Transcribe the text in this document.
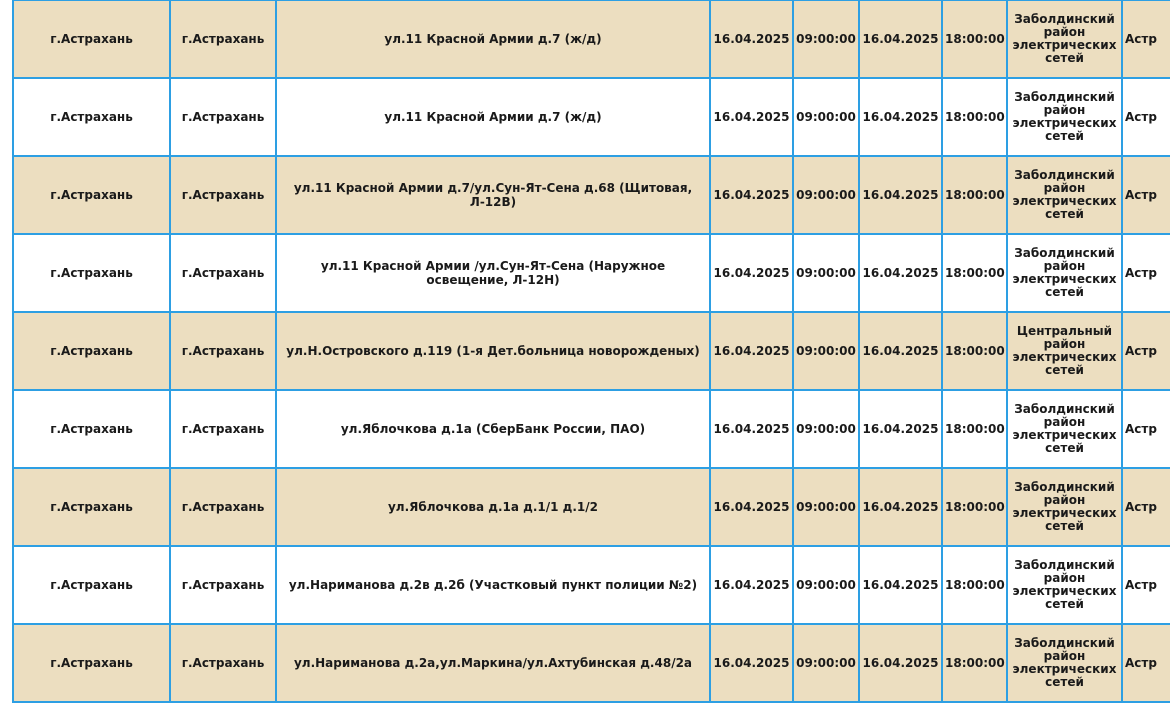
г.Астрахань	г.Астрахань	ул.11 Красной Армии д.7 (ж/д)	16.04.2025	09:00:00	16.04.2025	18:00:00	Заболдинский район электрических сетей	Астр
г.Астрахань	г.Астрахань	ул.11 Красной Армии д.7 (ж/д)	16.04.2025	09:00:00	16.04.2025	18:00:00	Заболдинский район электрических сетей	Астр
г.Астрахань	г.Астрахань	ул.11 Красной Армии д.7/ул.Сун-Ят-Сена д.68 (Щитовая, Л-12В)	16.04.2025	09:00:00	16.04.2025	18:00:00	Заболдинский район электрических сетей	Астр
г.Астрахань	г.Астрахань	ул.11 Красной Армии /ул.Сун-Ят-Сена (Наружное освещение, Л-12Н)	16.04.2025	09:00:00	16.04.2025	18:00:00	Заболдинский район электрических сетей	Астр
г.Астрахань	г.Астрахань	ул.Н.Островского д.119 (1-я Дет.больница новорожденых)	16.04.2025	09:00:00	16.04.2025	18:00:00	Центральный район электрических сетей	Астр
г.Астрахань	г.Астрахань	ул.Яблочкова д.1а (СберБанк России, ПАО)	16.04.2025	09:00:00	16.04.2025	18:00:00	Заболдинский район электрических сетей	Астр
г.Астрахань	г.Астрахань	ул.Яблочкова д.1а д.1/1 д.1/2	16.04.2025	09:00:00	16.04.2025	18:00:00	Заболдинский район электрических сетей	Астр
г.Астрахань	г.Астрахань	ул.Нариманова д.2в д.2б (Участковый пункт полиции №2)	16.04.2025	09:00:00	16.04.2025	18:00:00	Заболдинский район электрических сетей	Астр
г.Астрахань	г.Астрахань	ул.Нариманова д.2а,ул.Маркина/ул.Ахтубинская д.48/2а	16.04.2025	09:00:00	16.04.2025	18:00:00	Заболдинский район электрических сетей	Астр
